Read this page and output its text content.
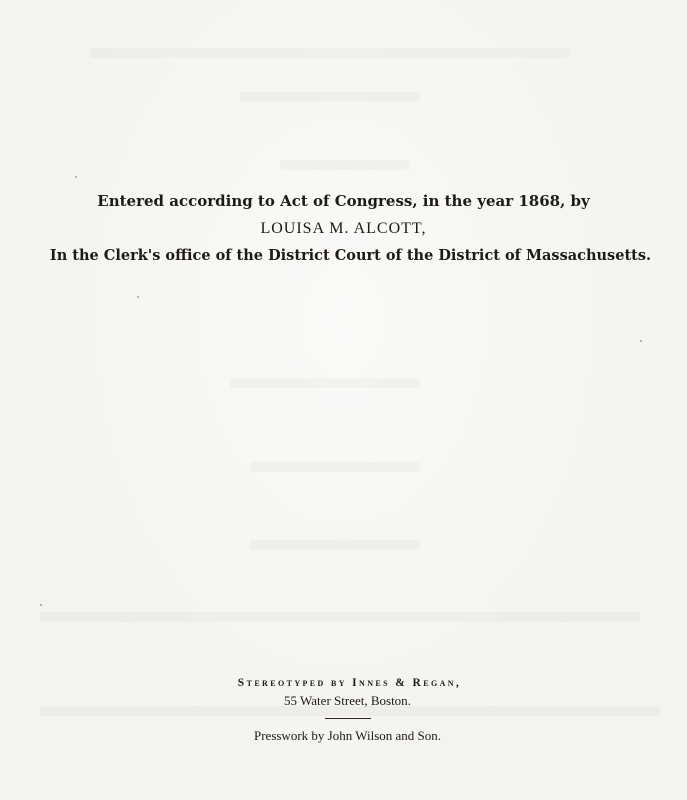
Entered according to Act of Congress, in the year 1868, by
LOUISA M. ALCOTT,
In the Clerk's office of the District Court of the District of Massachusetts.
Stereotyped by Innes & Regan,
55 Water Street, Boston.
Presswork by John Wilson and Son.
